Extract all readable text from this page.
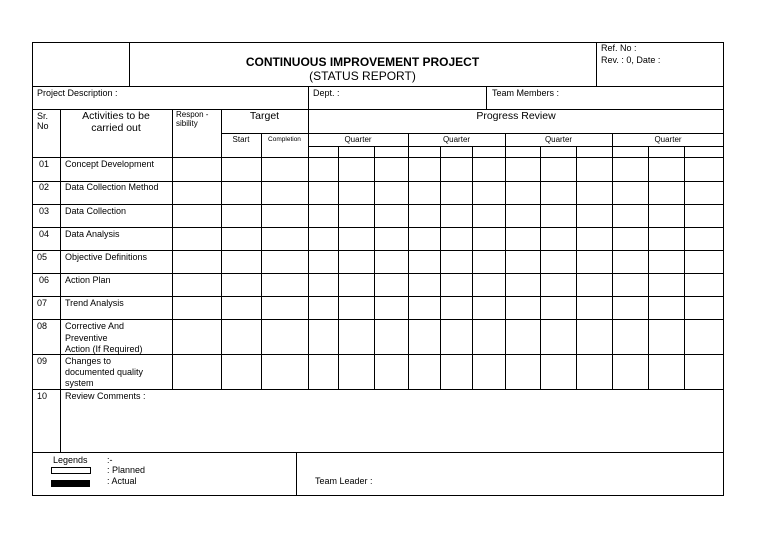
CONTINUOUS IMPROVEMENT PROJECT
(STATUS REPORT)
Ref. No :
Rev. : 0, Date :
Project Description :	Dept. :	Team Members :
Sr.
No
Activities to be carried out
Respon -
sibility
Target
Start	Completion
Progress Review
Quarter	Quarter	Quarter	Quarter
01 Concept Development
02 Data Collection Method
03 Data Collection
04 Data Analysis
05 Objective Definitions
06 Action Plan
07 Trend Analysis
08 Corrective And
Preventive
Action (If Required)
09 Changes to
documented quality
system
10 Review Comments :
Legends :-
: Planned
: Actual	Team Leader :
